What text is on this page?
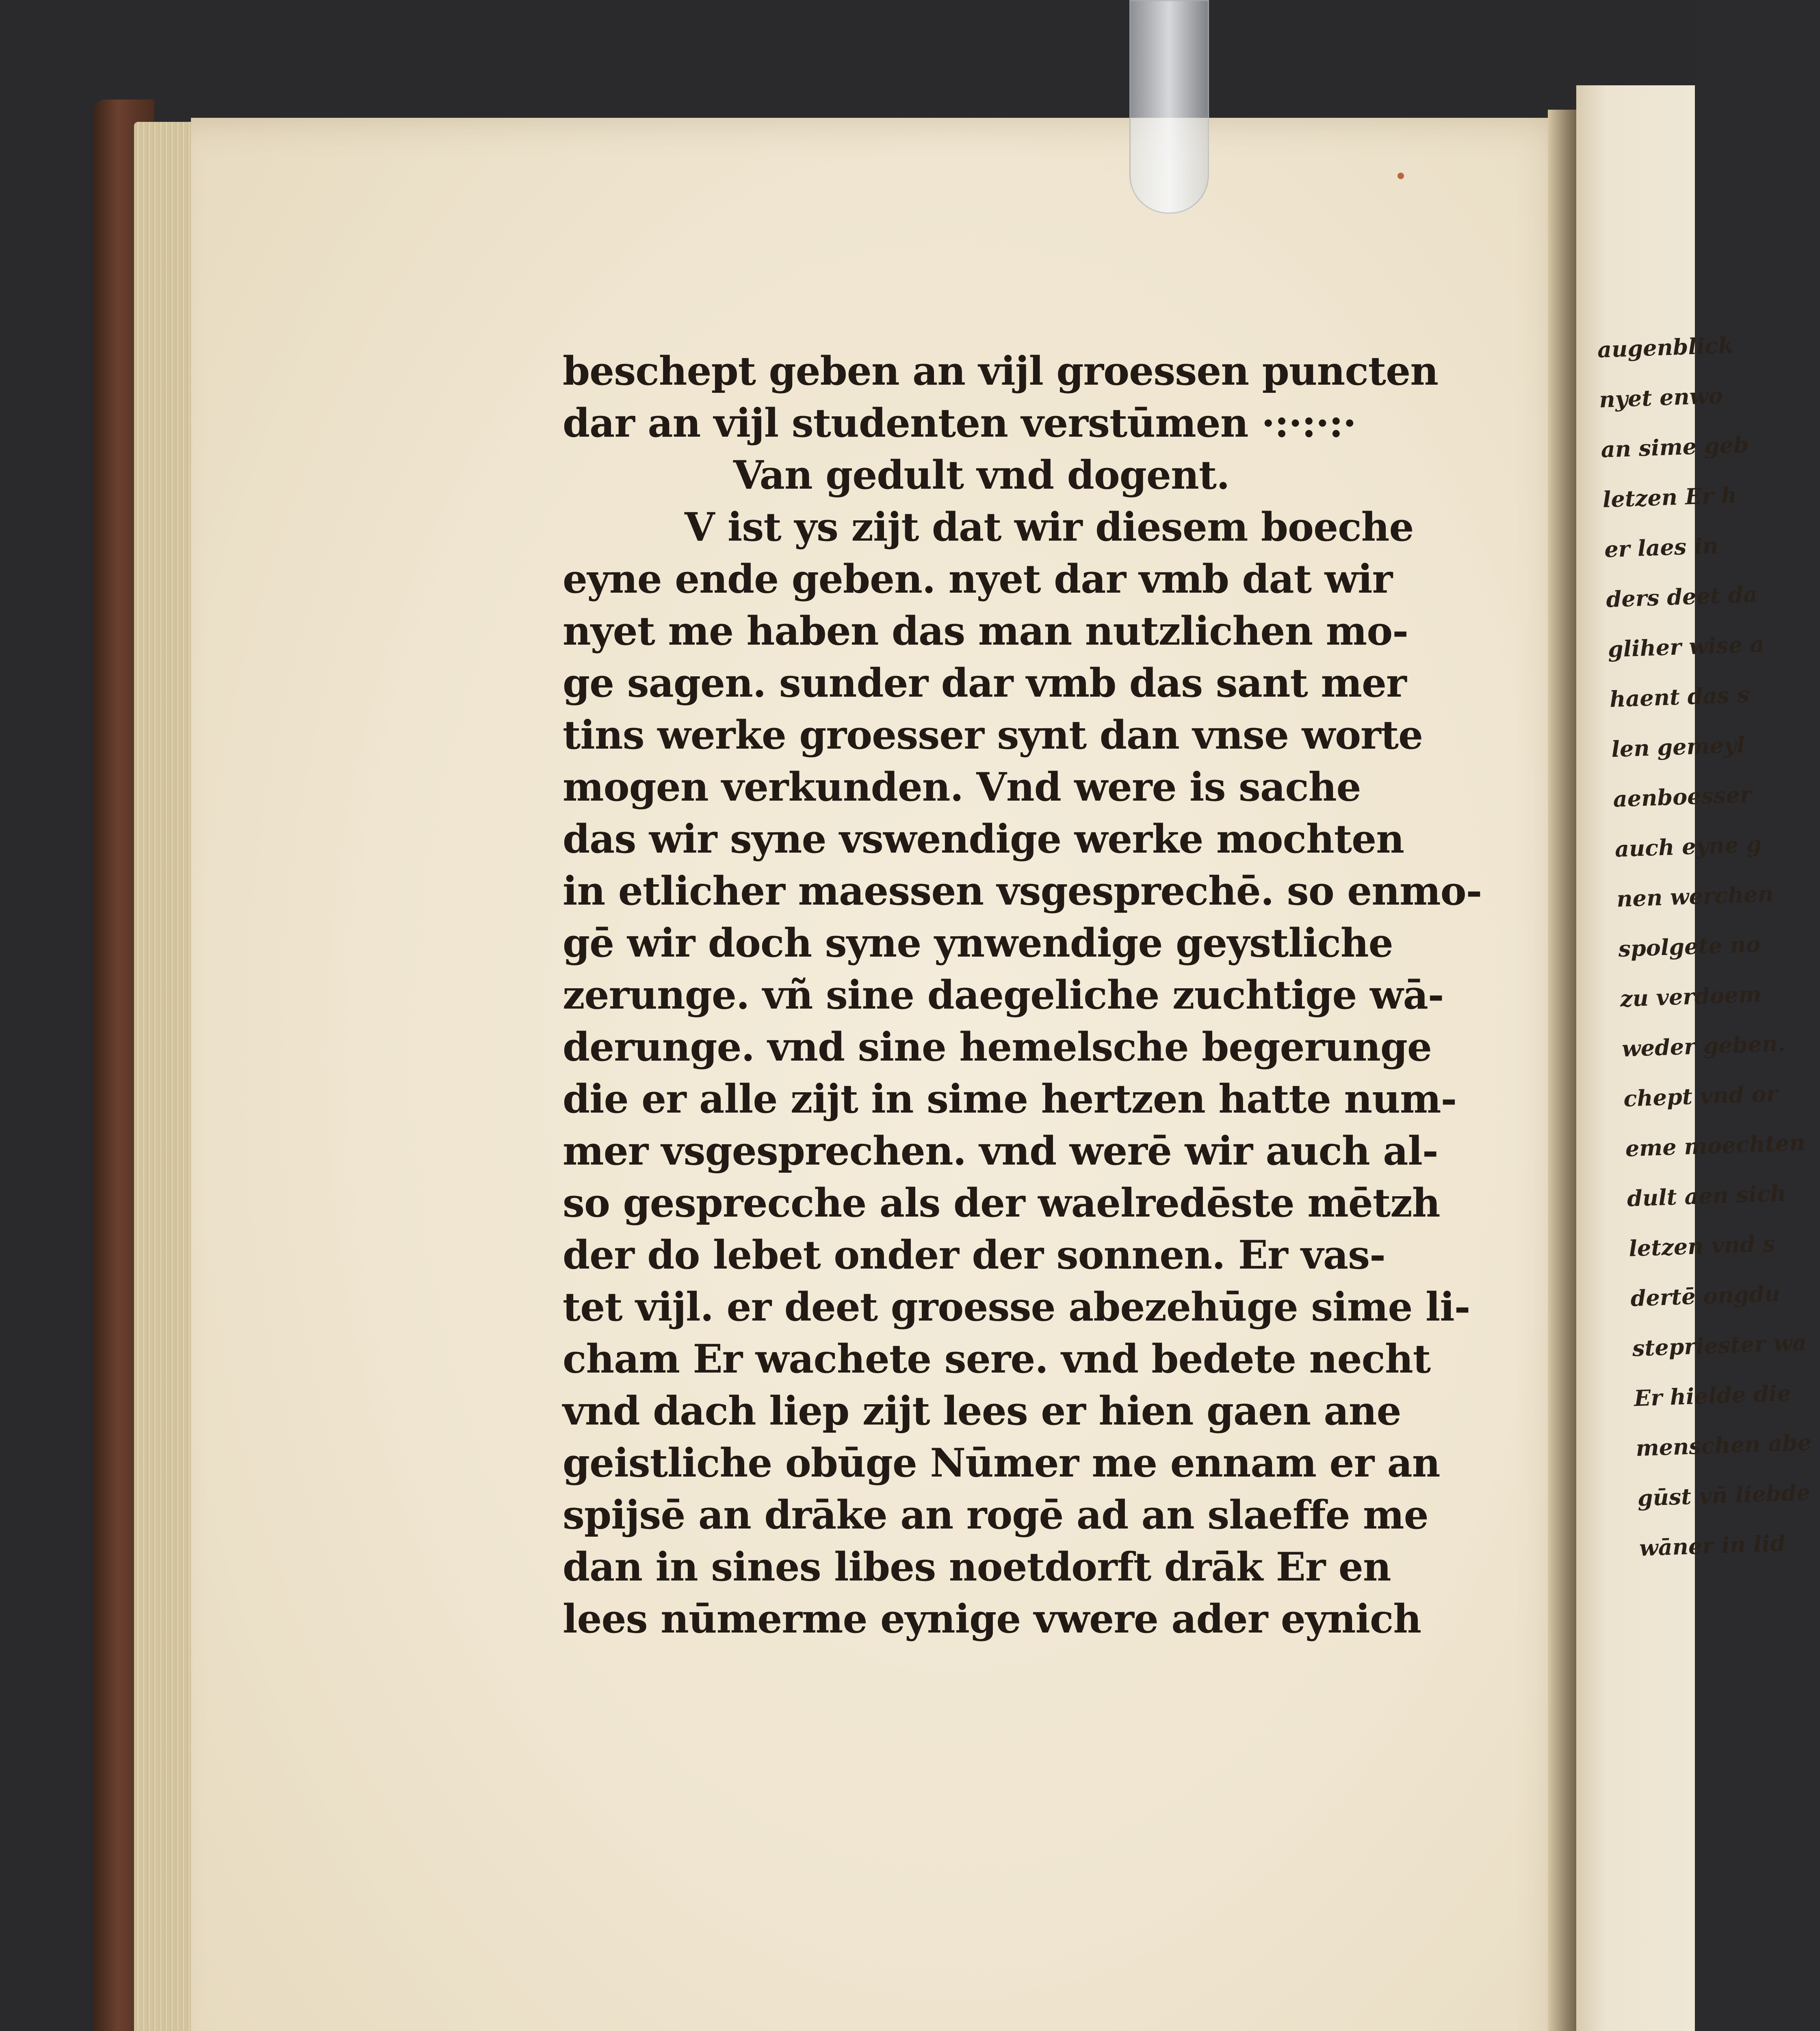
augenblick
nyet enwo
an sime geb
letzen Er h
er laes in
ders deet da
gliher wise a
haent das s
len gemeyl
aenboesser
auch eyne g
nen werchen
spolgete no
zu verdoem
weder geben.
chept vnd or
eme moechten
dult aen sich
letzen vnd s
dertē ongdu
stepriester wa
Er hielde die
menschen abe
gūst vñ liebde
wāner in lid
beschept geben an vijl groessen puncten
dar an vijl studenten verstūmen ·:·:·:·
Van gedult vnd dogent.
V ist ys zijt dat wir diesem boeche
eyne ende geben. nyet dar vmb dat wir
nyet me haben das man nutzlichen mo-
ge sagen. sunder dar vmb das sant mer
tins werke groesser synt dan vnse worte
mogen verkunden. Vnd were is sache
das wir syne vswendige werke mochten
in etlicher maessen vsgesprechē. so enmo-
gē wir doch syne ynwendige geystliche
zerunge. vñ sine daegeliche zuchtige wā-
derunge. vnd sine hemelsche begerunge
die er alle zijt in sime hertzen hatte num-
mer vsgesprechen. vnd werē wir auch al-
so gesprecche als der waelredēste mētzh
der do lebet onder der sonnen. Er vas-
tet vijl. er deet groesse abezehūge sime li-
cham Er wachete sere. vnd bedete necht
vnd dach liep zijt lees er hien gaen ane
geistliche obūge Nūmer me ennam er an
spijsē an drāke an rogē ad an slaeffe me
dan in sines libes noetdorft drāk Er en
lees nūmerme eynige vwere ader eynich
